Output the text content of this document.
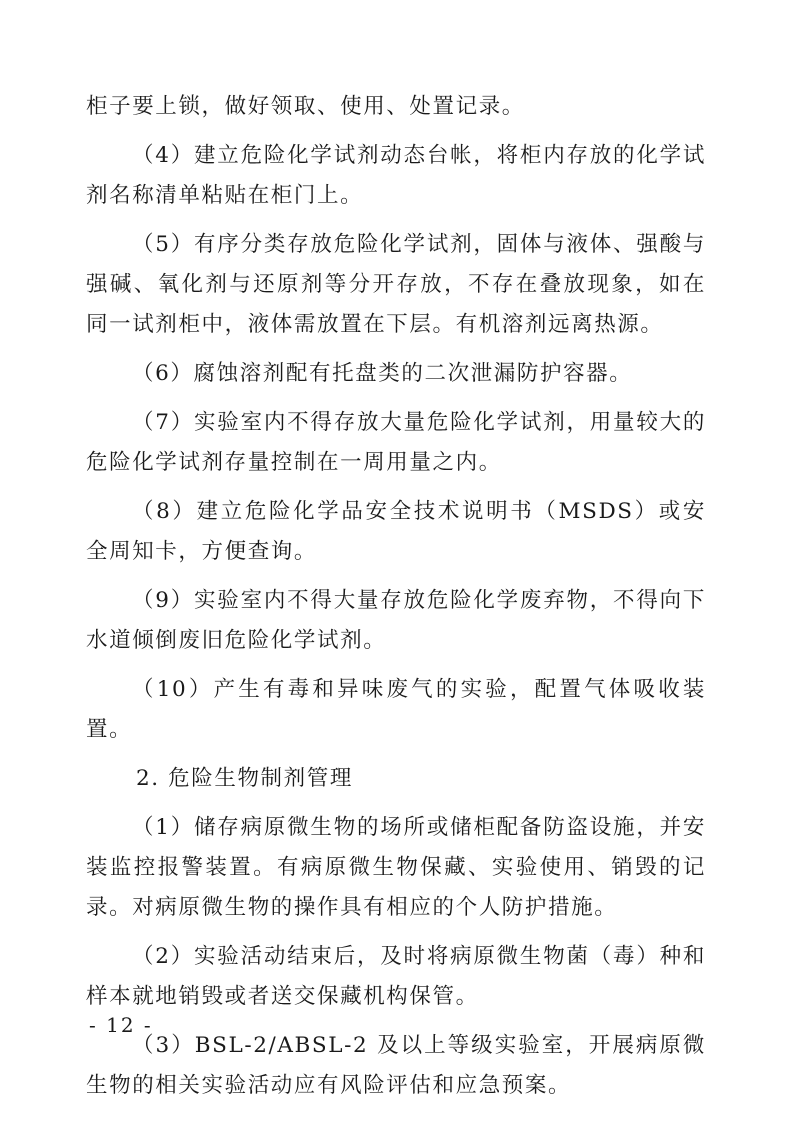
柜子要上锁，做好领取、使用、处置记录。

（4）建立危险化学试剂动态台帐，将柜内存放的化学试剂名称清单粘贴在柜门上。

（5）有序分类存放危险化学试剂，固体与液体、强酸与强碱、氧化剂与还原剂等分开存放，不存在叠放现象，如在同一试剂柜中，液体需放置在下层。有机溶剂远离热源。

（6）腐蚀溶剂配有托盘类的二次泄漏防护容器。

（7）实验室内不得存放大量危险化学试剂，用量较大的危险化学试剂存量控制在一周用量之内。

（8）建立危险化学品安全技术说明书（MSDS）或安全周知卡，方便查询。

（9）实验室内不得大量存放危险化学废弃物，不得向下水道倾倒废旧危险化学试剂。

（10）产生有毒和异味废气的实验，配置气体吸收装置。

2. 危险生物制剂管理

（1）储存病原微生物的场所或储柜配备防盗设施，并安装监控报警装置。有病原微生物保藏、实验使用、销毁的记录。对病原微生物的操作具有相应的个人防护措施。

（2）实验活动结束后，及时将病原微生物菌（毒）种和样本就地销毁或者送交保藏机构保管。

（3）BSL-2/ABSL-2 及以上等级实验室，开展病原微生物的相关实验活动应有风险评估和应急预案。

- 12 -
